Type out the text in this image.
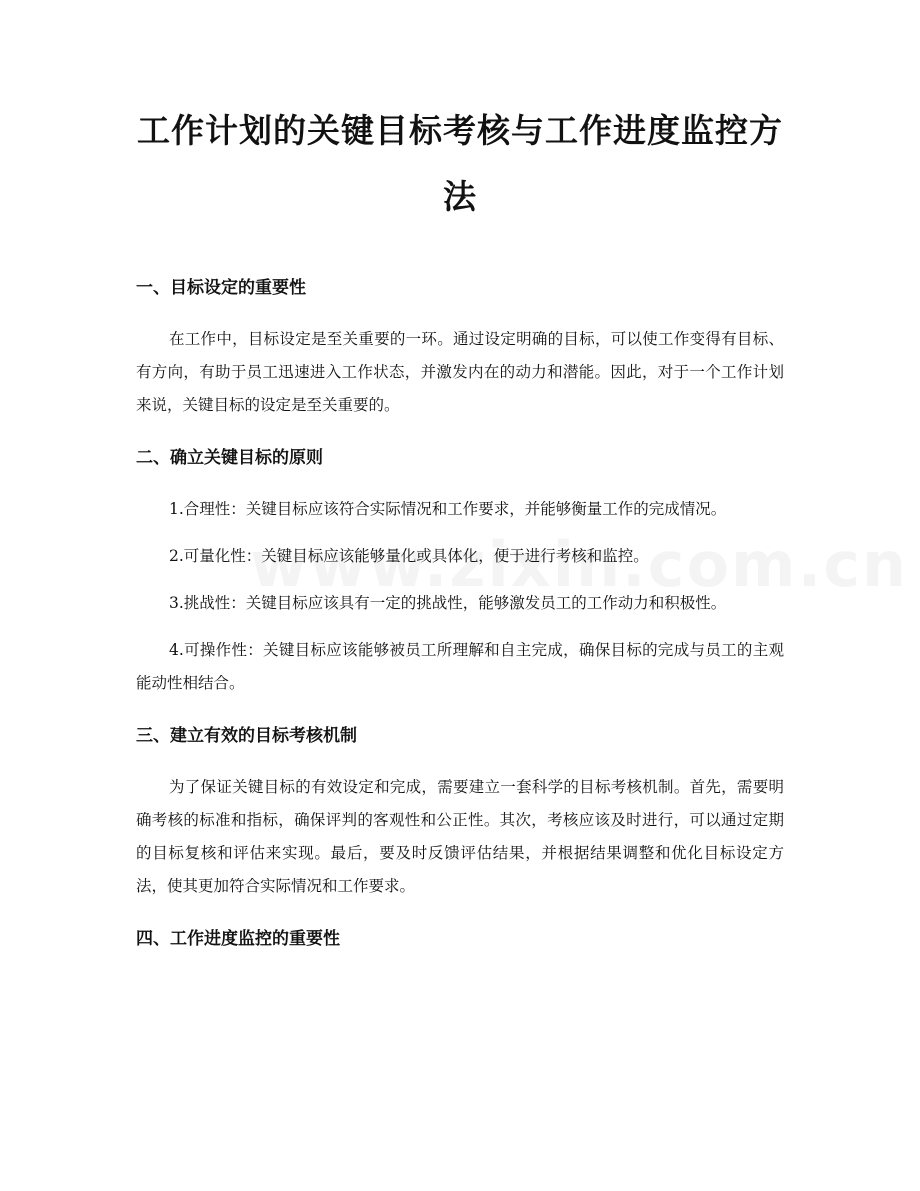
工作计划的关键目标考核与工作进度监控方法
一、目标设定的重要性

在工作中，目标设定是至关重要的一环。通过设定明确的目标，可以使工作变得有目标、有方向，有助于员工迅速进入工作状态，并激发内在的动力和潜能。因此，对于一个工作计划来说，关键目标的设定是至关重要的。

二、确立关键目标的原则

1.合理性：关键目标应该符合实际情况和工作要求，并能够衡量工作的完成情况。

2.可量化性：关键目标应该能够量化或具体化，便于进行考核和监控。

3.挑战性：关键目标应该具有一定的挑战性，能够激发员工的工作动力和积极性。

4.可操作性：关键目标应该能够被员工所理解和自主完成，确保目标的完成与员工的主观能动性相结合。

三、建立有效的目标考核机制

为了保证关键目标的有效设定和完成，需要建立一套科学的目标考核机制。首先，需要明确考核的标准和指标，确保评判的客观性和公正性。其次，考核应该及时进行，可以通过定期的目标复核和评估来实现。最后，要及时反馈评估结果，并根据结果调整和优化目标设定方法，使其更加符合实际情况和工作要求。

四、工作进度监控的重要性
